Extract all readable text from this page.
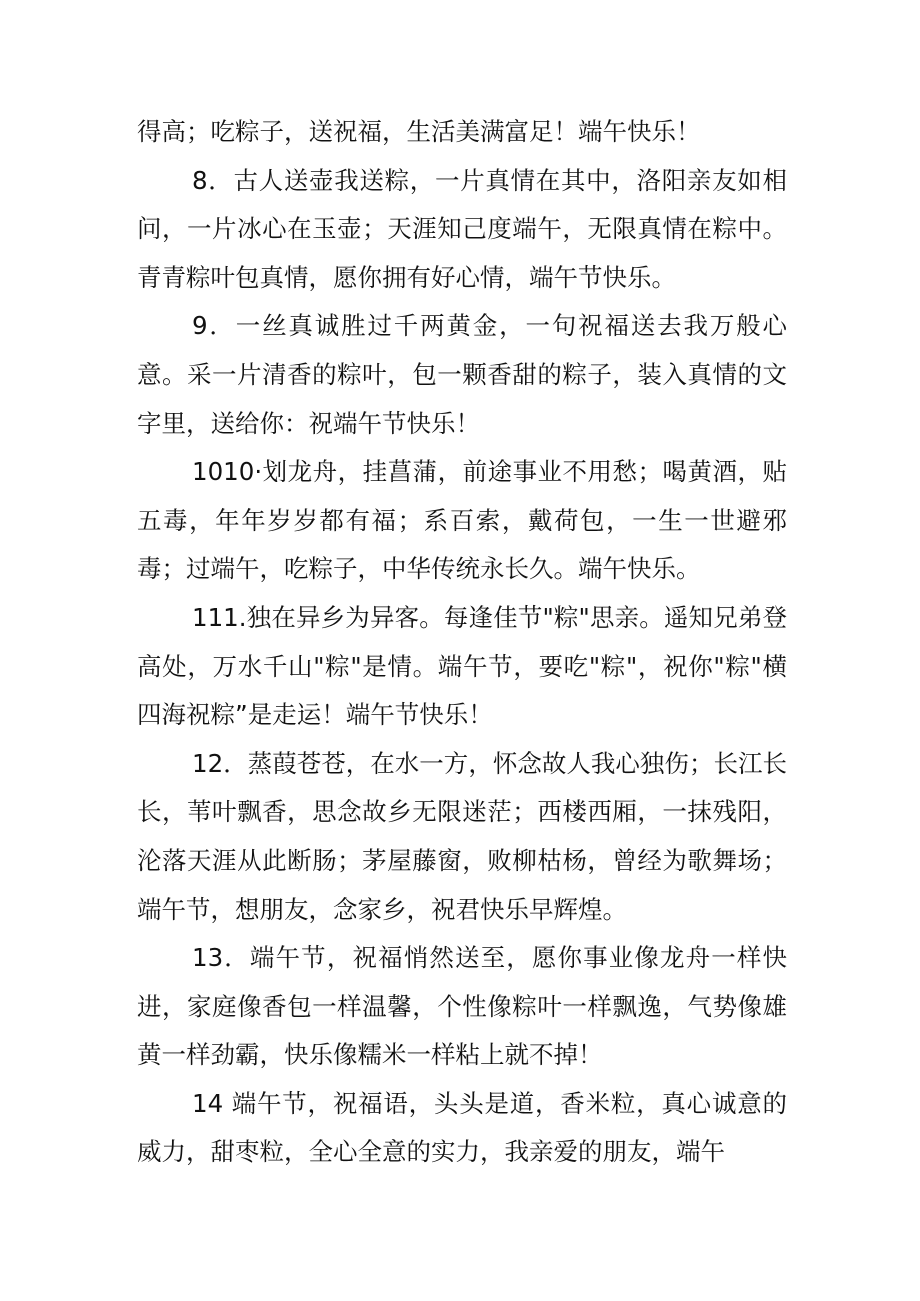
得高；吃粽子，送祝福，生活美满富足！端午快乐！

8．古人送壶我送粽，一片真情在其中，洛阳亲友如相问，一片冰心在玉壶；天涯知己度端午，无限真情在粽中。青青粽叶包真情，愿你拥有好心情，端午节快乐。

9．一丝真诚胜过千两黄金，一句祝福送去我万般心意。采一片清香的粽叶，包一颗香甜的粽子，装入真情的文字里，送给你：祝端午节快乐！

1010·划龙舟，挂菖蒲，前途事业不用愁；喝黄酒，贴五毒，年年岁岁都有福；系百索，戴荷包，一生一世避邪毒；过端午，吃粽子，中华传统永长久。端午快乐。

111.独在异乡为异客。每逢佳节"粽"思亲。遥知兄弟登高处，万水千山"粽"是情。端午节，要吃"粽"，祝你"粽"横四海祝粽”是走运！端午节快乐！

12．蒸葭苍苍，在水一方，怀念故人我心独伤；长江长长，苇叶飘香，思念故乡无限迷茫；西楼西厢，一抹残阳，沦落天涯从此断肠；茅屋藤窗，败柳枯杨，曾经为歌舞场；端午节，想朋友，念家乡，祝君快乐早辉煌。

13．端午节，祝福悄然送至，愿你事业像龙舟一样快进，家庭像香包一样温馨，个性像粽叶一样飘逸，气势像雄黄一样劲霸，快乐像糯米一样粘上就不掉！

14 端午节，祝福语，头头是道，香米粒，真心诚意的威力，甜枣粒，全心全意的实力，我亲爱的朋友，端午
